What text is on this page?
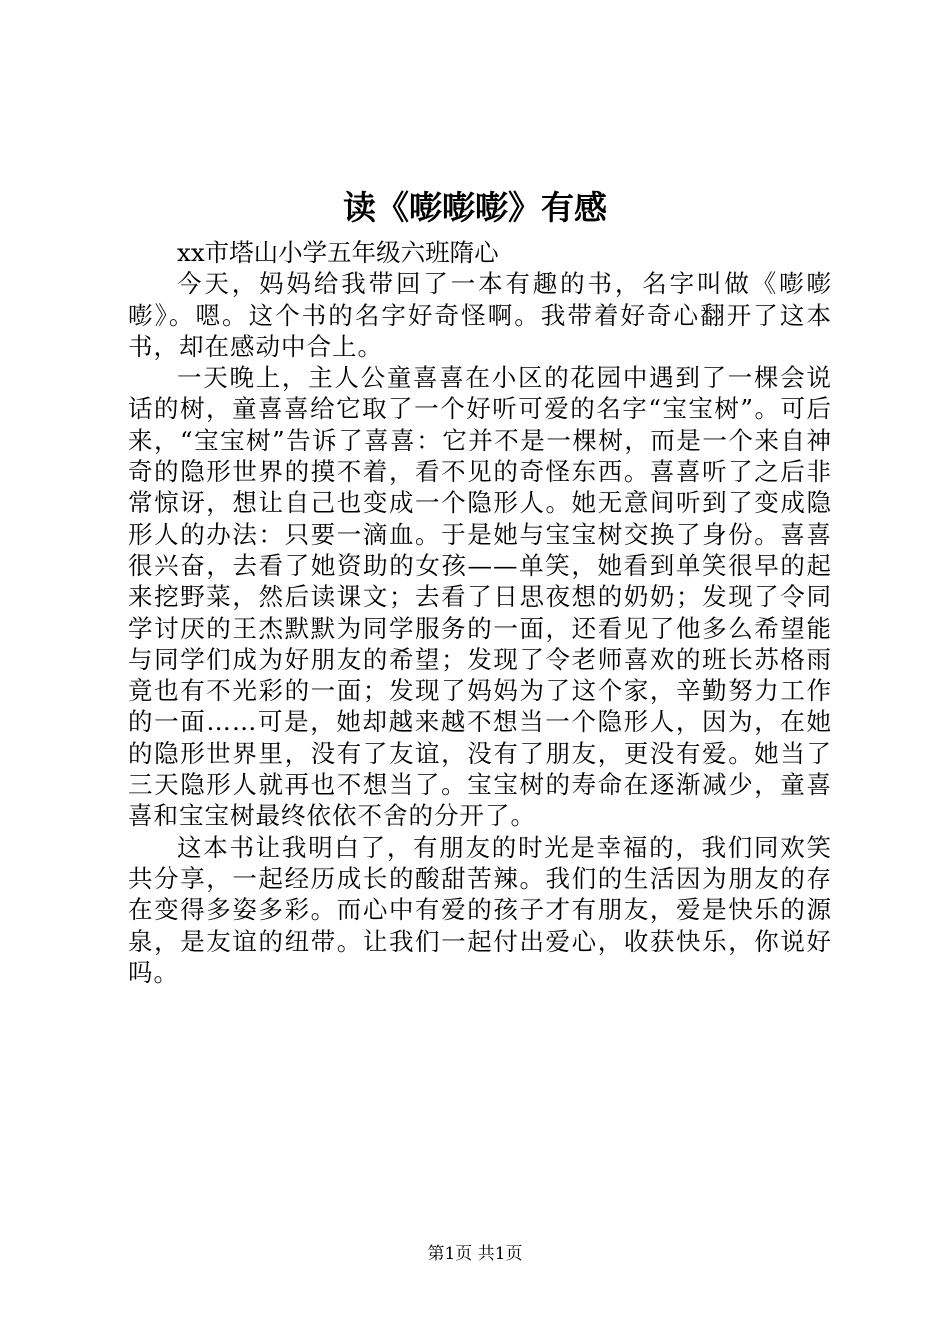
读《嘭嘭嘭》有感

xx市塔山小学五年级六班隋心

今天，妈妈给我带回了一本有趣的书，名字叫做《嘭嘭嘭》。嗯。这个书的名字好奇怪啊。我带着好奇心翻开了这本书，却在感动中合上。

一天晚上，主人公童喜喜在小区的花园中遇到了一棵会说话的树，童喜喜给它取了一个好听可爱的名字“宝宝树”。可后来，“宝宝树”告诉了喜喜：它并不是一棵树，而是一个来自神奇的隐形世界的摸不着，看不见的奇怪东西。喜喜听了之后非常惊讶，想让自己也变成一个隐形人。她无意间听到了变成隐形人的办法：只要一滴血。于是她与宝宝树交换了身份。喜喜很兴奋，去看了她资助的女孩——单笑，她看到单笑很早的起来挖野菜，然后读课文；去看了日思夜想的奶奶；发现了令同学讨厌的王杰默默为同学服务的一面，还看见了他多么希望能与同学们成为好朋友的希望；发现了令老师喜欢的班长苏格雨竟也有不光彩的一面；发现了妈妈为了这个家，辛勤努力工作的一面……可是，她却越来越不想当一个隐形人，因为，在她的隐形世界里，没有了友谊，没有了朋友，更没有爱。她当了三天隐形人就再也不想当了。宝宝树的寿命在逐渐减少，童喜喜和宝宝树最终依依不舍的分开了。

这本书让我明白了，有朋友的时光是幸福的，我们同欢笑共分享，一起经历成长的酸甜苦辣。我们的生活因为朋友的存在变得多姿多彩。而心中有爱的孩子才有朋友，爱是快乐的源泉，是友谊的纽带。让我们一起付出爱心，收获快乐，你说好吗。

第1页 共1页
